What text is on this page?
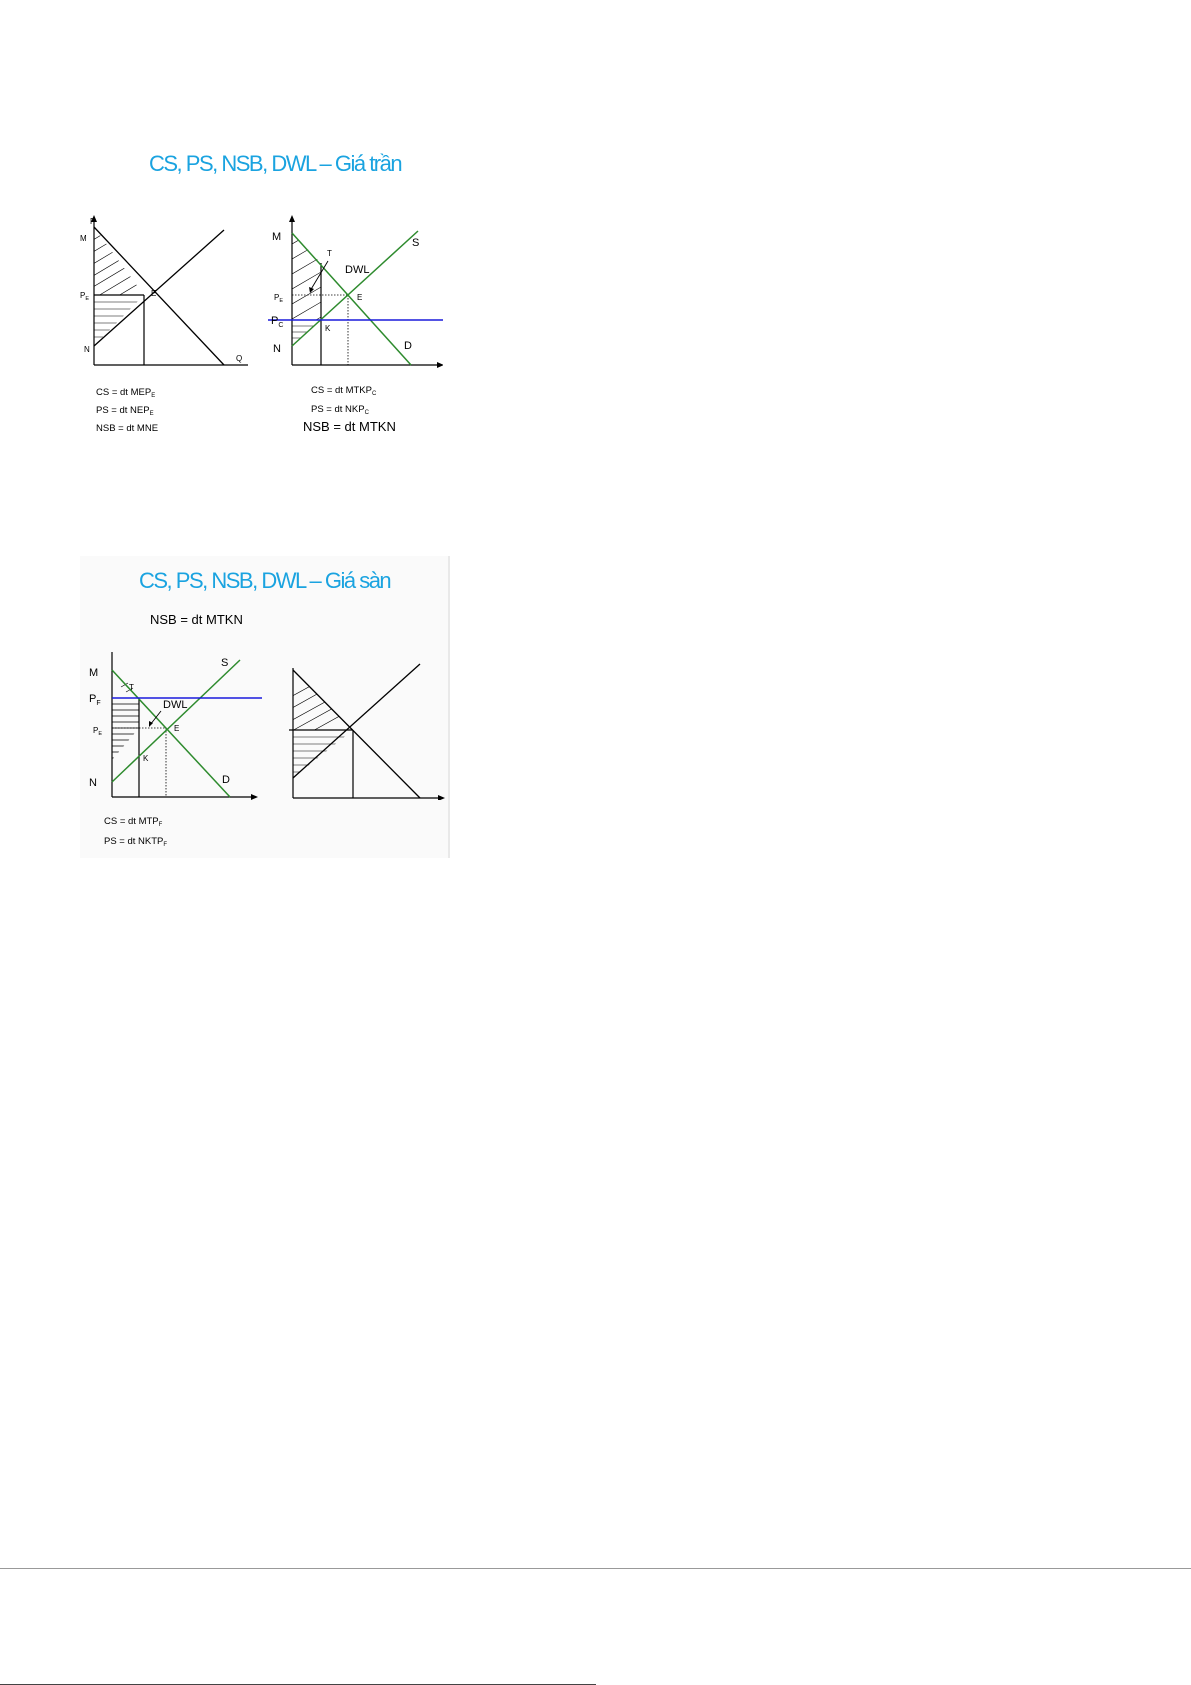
CS, PS, NSB, DWL – Giá trần
P
M
$P_E$
E
N
Q
CS = dt $MEP_E$
PS = dt $NEP_E$
NSB = dt MNE
M
T
DWL
S
$P_E$	E
$P_C$	K
N	D
CS = dt $MTKP_C$
PS = dt $NKP_C$
NSB = dt MTKN
CS, PS, NSB, DWL – Giá sàn
NSB = dt MTKN
M
T
S
$P_F$	DWL
$P_E$
E
K
N	D
CS = dt $MTP_F$
PS = dt $NKTP_F$
